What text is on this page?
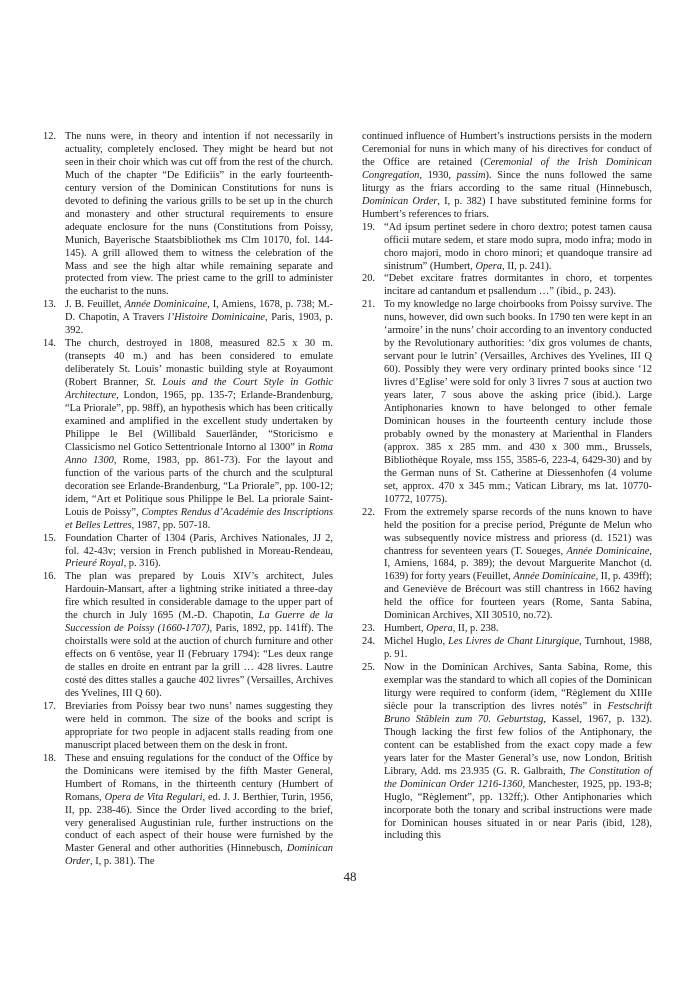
12. The nuns were, in theory and intention if not necessarily in actuality, completely enclosed. They might be heard but not seen in their choir which was cut off from the rest of the church. Much of the chapter “De Edificiis” in the early fourteenth-century version of the Dominican Constitutions for nuns is devoted to defining the various grills to be set up in the church and monastery and other structural requirements to ensure adequate enclosure for the nuns (Constitutions from Poissy, Munich, Bayerische Staatsbibliothek ms Clm 10170, fol. 144-145). A grill allowed them to witness the celebration of the Mass and see the high altar while remaining separate and protected from view. The priest came to the grill to administer the eucharist to the nuns.

13. J. B. Feuillet, Année Dominicaine, I, Amiens, 1678, p. 738; M.-D. Chapotin, A Travers l’Histoire Dominicaine, Paris, 1903, p. 392.

14. The church, destroyed in 1808, measured 82.5 x 30 m. (transepts 40 m.) and has been considered to emulate deliberately St. Louis’ monastic building style at Royaumont (Robert Branner, St. Louis and the Court Style in Gothic Architecture, London, 1965, pp. 135-7; Erlande-Brandenburg, “La Priorale”, pp. 98ff), an hypothesis which has been critically examined and amplified in the excellent study undertaken by Philippe le Bel (Willibald Sauerländer, “Storicismo e Classicismo nel Gotico Settentrionale Intorno al 1300” in Roma Anno 1300, Rome, 1983, pp. 861-73). For the layout and function of the various parts of the church and the sculptural decoration see Erlande-Brandenburg, “La Priorale”, pp. 100-12; idem, “Art et Politique sous Philippe le Bel. La priorale Saint-Louis de Poissy”, Comptes Rendus d’Académie des Inscriptions et Belles Lettres, 1987, pp. 507-18.

15. Foundation Charter of 1304 (Paris, Archives Nationales, JJ 2, fol. 42-43v; version in French published in Moreau-Rendeau, Prieuré Royal, p. 316).

16. The plan was prepared by Louis XIV’s architect, Jules Hardouin-Mansart, after a lightning strike initiated a three-day fire which resulted in considerable damage to the upper part of the church in July 1695 (M.-D. Chapotin, La Guerre de la Succession de Poissy (1660-1707), Paris, 1892, pp. 141ff). The choirstalls were sold at the auction of church furniture and other effects on 6 ventôse, year II (February 1794): “Les deux range de stalles en droite en entrant par la grill … 428 livres. Lautre costé des dittes stalles a gauche 402 livres” (Versailles, Archives des Yvelines, III Q 60).

17. Breviaries from Poissy bear two nuns’ names suggesting they were held in common. The size of the books and script is appropriate for two people in adjacent stalls reading from one manuscript placed between them on the desk in front.

18. These and ensuing regulations for the conduct of the Office by the Dominicans were itemised by the fifth Master General, Humbert of Romans, in the thirteenth century (Humbert of Romans, Opera de Vita Regulari, ed. J. J. Berthier, Turin, 1956, II, pp. 238-46). Since the Order lived according to the brief, very generalised Augustinian rule, further instructions on the conduct of each aspect of their house were furnished by the Master General and other authorities (Hinnebusch, Dominican Order, I, p. 381). The

continued influence of Humbert’s instructions persists in the modern Ceremonial for nuns in which many of his directives for conduct of the Office are retained (Ceremonial of the Irish Dominican Congregation, 1930, passim). Since the nuns followed the same liturgy as the friars according to the same ritual (Hinnebusch, Dominican Order, I, p. 382) I have substituted feminine forms for Humbert’s references to friars.

19. “Ad ipsum pertinet sedere in choro dextro; potest tamen causa officii mutare sedem, et stare modo supra, modo infra; modo in choro majori, modo in choro minori; et quandoque transire ad sinistrum” (Humbert, Opera, II, p. 241).

20. “Debet excitare fratres dormitantes in choro, et torpentes incitare ad cantandum et psallendum …” (ibid., p. 243).

21. To my knowledge no large choirbooks from Poissy survive. The nuns, however, did own such books. In 1790 ten were kept in an ‘armoire’ in the nuns’ choir according to an inventory conducted by the Revolutionary authorities: ‘dix gros volumes de chants, servant pour le lutrin’ (Versailles, Archives des Yvelines, III Q 60). Possibly they were very ordinary printed books since ‘12 livres d’Eglise’ were sold for only 3 livres 7 sous at auction two years later, 7 sous above the asking price (ibid.). Large Antiphonaries known to have belonged to other female Dominican houses in the fourteenth century include those probably owned by the monastery at Marienthal in Flanders (approx. 385 x 285 mm. and 430 x 300 mm., Brussels, Bibliothèque Royale, mss 155, 3585-6, 223-4, 6429-30) and by the German nuns of St. Catherine at Diessenhofen (4 volume set, approx. 470 x 345 mm.; Vatican Library, ms lat. 10770-10772, 10775).

22. From the extremely sparse records of the nuns known to have held the position for a precise period, Prégunte de Melun who was subsequently novice mistress and prioress (d. 1521) was chantress for seventeen years (T. Soueges, Année Dominicaine, I, Amiens, 1684, p. 389); the devout Marguerite Manchot (d. 1639) for forty years (Feuillet, Année Dominicaine, II, p. 439ff); and Geneviève de Brécourt was still chantress in 1662 having held the office for fourteen years (Rome, Santa Sabina, Dominican Archives, XII 30510, no.72).

23. Humbert, Opera, II, p. 238.

24. Michel Huglo, Les Livres de Chant Liturgique, Turnhout, 1988, p. 91.

25. Now in the Dominican Archives, Santa Sabina, Rome, this exemplar was the standard to which all copies of the Dominican liturgy were required to conform (idem, “Règlement du XIIIe siècle pour la transcription des livres notés” in Festschrift Bruno Stäblein zum 70. Geburtstag, Kassel, 1967, p. 132). Though lacking the first few folios of the Antiphonary, the content can be established from the exact copy made a few years later for the Master General’s use, now London, British Library, Add. ms 23.935 (G. R. Galbraith, The Constitution of the Dominican Order 1216-1360, Manchester, 1925, pp. 193-8; Huglo, “Règlement”, pp. 132ff;). Other Antiphonaries which incorporate both the tonary and scribal instructions were made for Dominican houses situated in or near Paris (ibid, 128), including this

48
